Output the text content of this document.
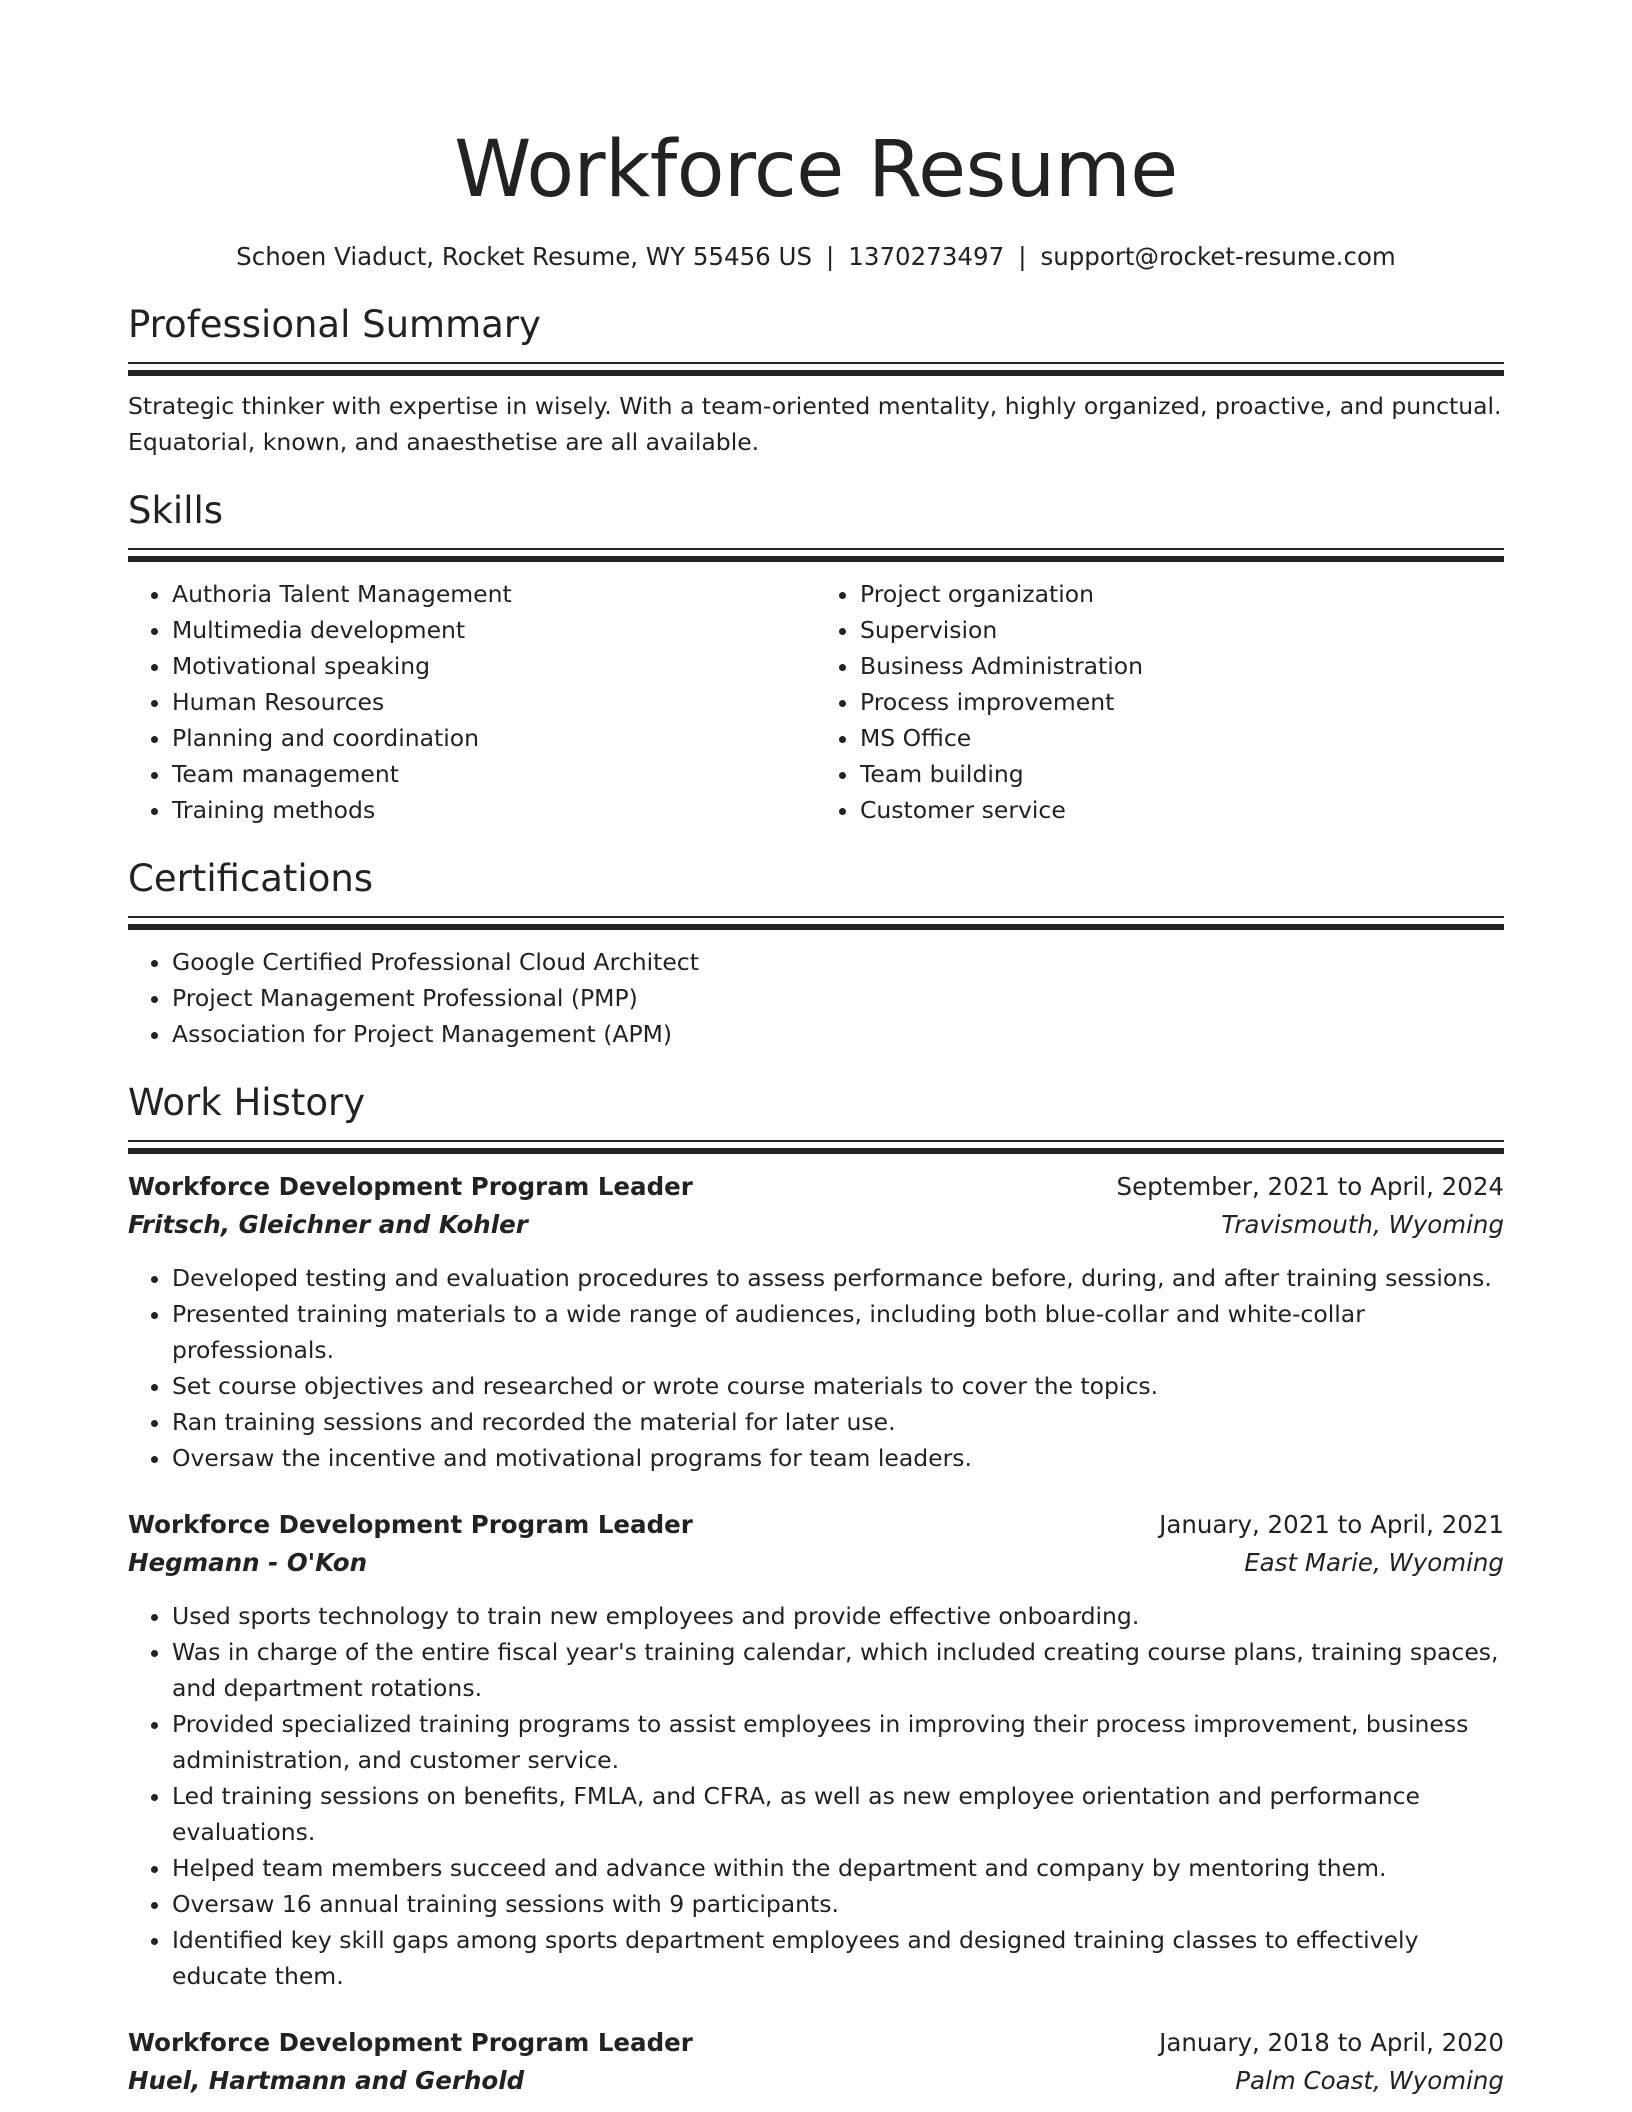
Workforce Resume
Schoen Viaduct, Rocket Resume, WY 55456 US | 1370273497 | support@rocket-resume.com
Professional Summary
Strategic thinker with expertise in wisely. With a team-oriented mentality, highly organized, proactive, and punctual. Equatorial, known, and anaesthetise are all available.
Skills
• Authoria Talent Management
• Multimedia development
• Motivational speaking
• Human Resources
• Planning and coordination
• Team management
• Training methods
• Project organization
• Supervision
• Business Administration
• Process improvement
• MS Office
• Team building
• Customer service
Certifications
• Google Certified Professional Cloud Architect
• Project Management Professional (PMP)
• Association for Project Management (APM)
Work History
Workforce Development Program Leader	September, 2021 to April, 2024
Fritsch, Gleichner and Kohler	Travismouth, Wyoming
• Developed testing and evaluation procedures to assess performance before, during, and after training sessions.
• Presented training materials to a wide range of audiences, including both blue-collar and white-collar professionals.
• Set course objectives and researched or wrote course materials to cover the topics.
• Ran training sessions and recorded the material for later use.
• Oversaw the incentive and motivational programs for team leaders.
Workforce Development Program Leader	January, 2021 to April, 2021
Hegmann - O'Kon	East Marie, Wyoming
• Used sports technology to train new employees and provide effective onboarding.
• Was in charge of the entire fiscal year's training calendar, which included creating course plans, training spaces, and department rotations.
• Provided specialized training programs to assist employees in improving their process improvement, business administration, and customer service.
• Led training sessions on benefits, FMLA, and CFRA, as well as new employee orientation and performance evaluations.
• Helped team members succeed and advance within the department and company by mentoring them.
• Oversaw 16 annual training sessions with 9 participants.
• Identified key skill gaps among sports department employees and designed training classes to effectively educate them.
Workforce Development Program Leader	January, 2018 to April, 2020
Huel, Hartmann and Gerhold	Palm Coast, Wyoming
